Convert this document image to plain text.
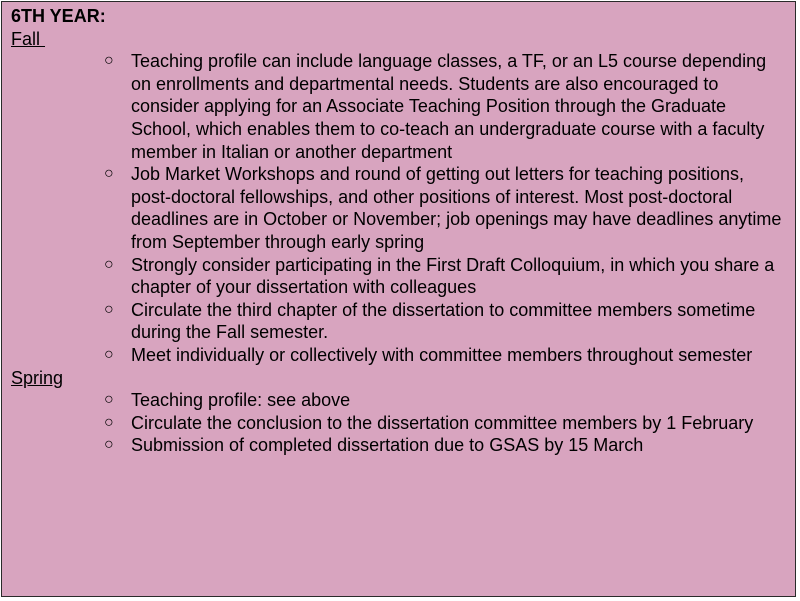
6TH YEAR:
Fall
○ Teaching profile can include language classes, a TF, or an L5 course depending on enrollments and departmental needs. Students are also encouraged to consider applying for an Associate Teaching Position through the Graduate School, which enables them to co-teach an undergraduate course with a faculty member in Italian or another department
○ Job Market Workshops and round of getting out letters for teaching positions, post-doctoral fellowships, and other positions of interest. Most post-doctoral deadlines are in October or November; job openings may have deadlines anytime from September through early spring
○ Strongly consider participating in the First Draft Colloquium, in which you share a chapter of your dissertation with colleagues
○ Circulate the third chapter of the dissertation to committee members sometime during the Fall semester.
○ Meet individually or collectively with committee members throughout semester
Spring
○ Teaching profile: see above
○ Circulate the conclusion to the dissertation committee members by 1 February
○ Submission of completed dissertation due to GSAS by 15 March
